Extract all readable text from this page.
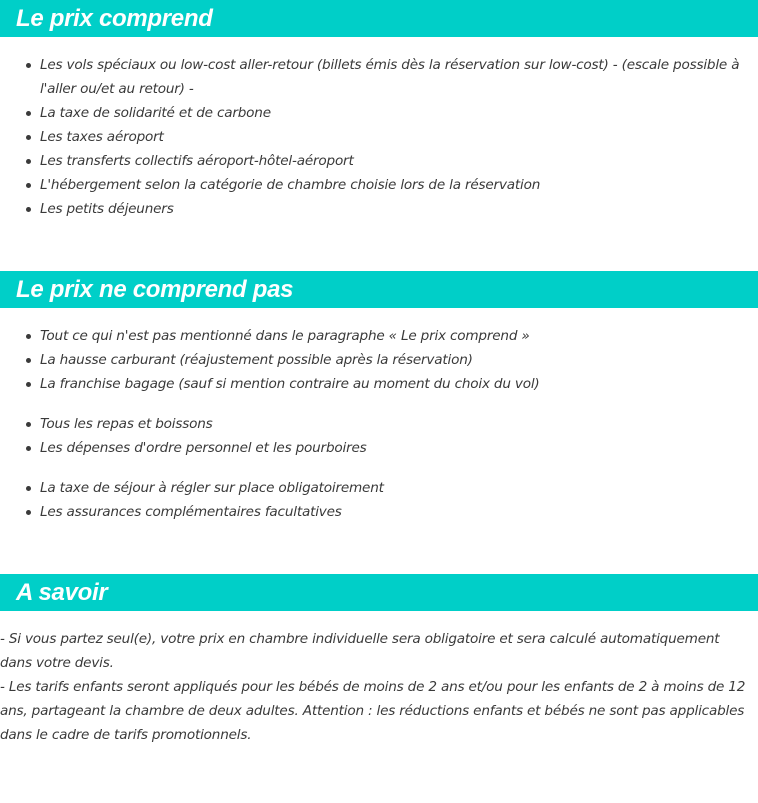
Le prix comprend
Les vols spéciaux ou low-cost aller-retour (billets émis dès la réservation sur low-cost) - (escale possible à l'aller ou/et au retour) -
La taxe de solidarité et de carbone
Les taxes aéroport
Les transferts collectifs aéroport-hôtel-aéroport
L'hébergement selon la catégorie de chambre choisie lors de la réservation
Les petits déjeuners
Le prix ne comprend pas
Tout ce qui n'est pas mentionné dans le paragraphe « Le prix comprend »
La hausse carburant (réajustement possible après la réservation)
La franchise bagage (sauf si mention contraire au moment du choix du vol)
Tous les repas et boissons
Les dépenses d'ordre personnel et les pourboires
La taxe de séjour à régler sur place obligatoirement
Les assurances complémentaires facultatives
A savoir

- Si vous partez seul(e), votre prix en chambre individuelle sera obligatoire et sera calculé automatiquement dans votre devis.

- Les tarifs enfants seront appliqués pour les bébés de moins de 2 ans et/ou pour les enfants de 2 à moins de 12 ans, partageant la chambre de deux adultes. Attention : les réductions enfants et bébés ne sont pas applicables dans le cadre de tarifs promotionnels.
